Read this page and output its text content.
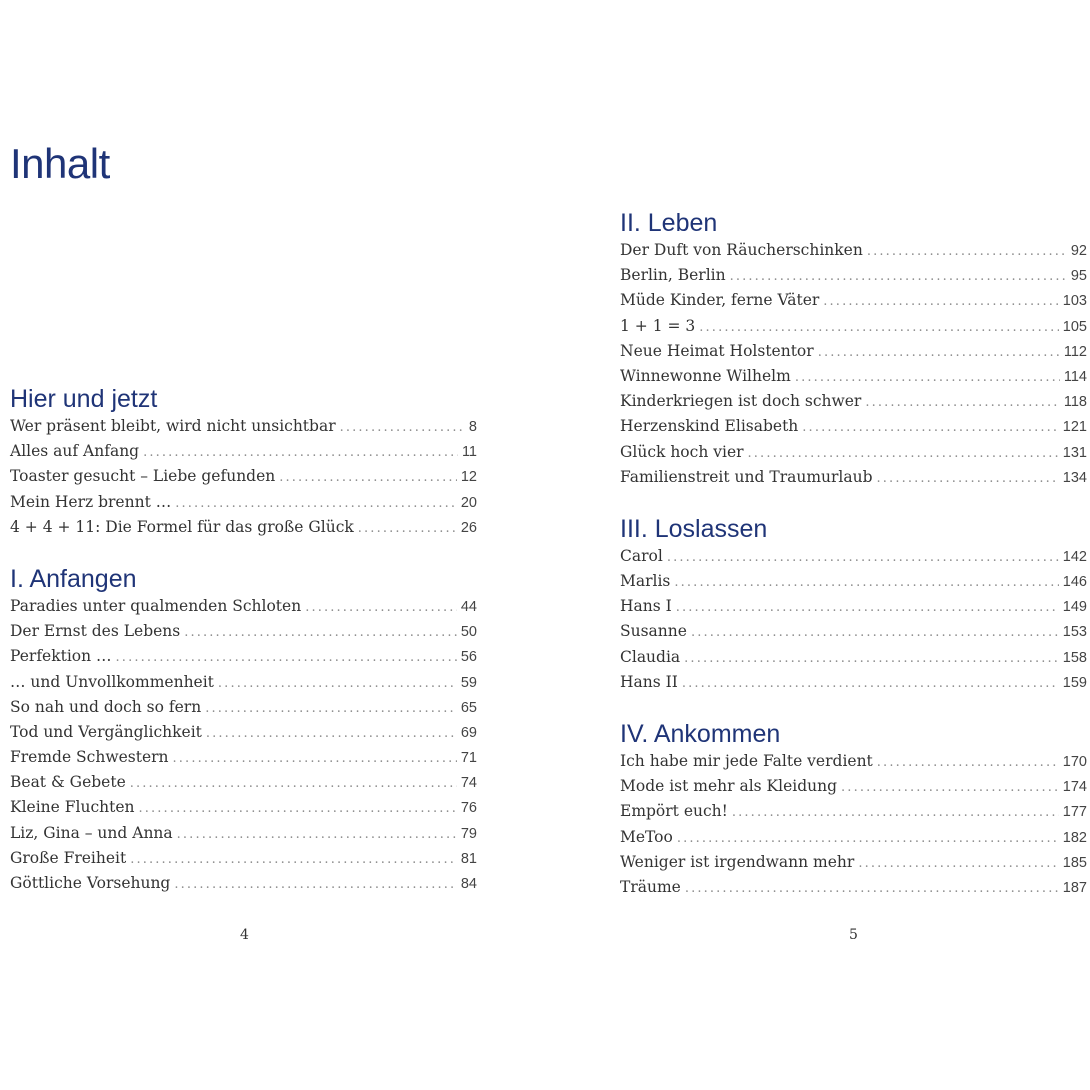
Inhalt
Hier und jetzt
Wer präsent bleibt, wird nicht unsichtbar . . .	8
Alles auf Anfang . . .	11
Toaster gesucht – Liebe gefunden . . .	12
Mein Herz brennt … . . .	20
4 + 4 + 11: Die Formel für das große Glück . . .	26
I. Anfangen
Paradies unter qualmenden Schloten . . .	44
Der Ernst des Lebens . . .	50
Perfektion … . . .	56
… und Unvollkommenheit . . .	59
So nah und doch so fern . . .	65
Tod und Vergänglichkeit . . .	69
Fremde Schwestern . . .	71
Beat & Gebete . . .	74
Kleine Fluchten . . .	76
Liz, Gina – und Anna . . .	79
Große Freiheit . . .	81
Göttliche Vorsehung . . .	84
II. Leben
Der Duft von Räucherschinken . . .	92
Berlin, Berlin . . .	95
Müde Kinder, ferne Väter . . .	103
1 + 1 = 3 . . .	105
Neue Heimat Holstentor . . .	112
Winnewonne Wilhelm . . .	114
Kinderkriegen ist doch schwer . . .	118
Herzenskind Elisabeth . . .	121
Glück hoch vier . . .	131
Familienstreit und Traumurlaub . . .	134
III. Loslassen
Carol . . .	142
Marlis . . .	146
Hans I . . .	149
Susanne . . .	153
Claudia . . .	158
Hans II . . .	159
IV. Ankommen
Ich habe mir jede Falte verdient . . .	170
Mode ist mehr als Kleidung . . .	174
Empört euch! . . .	177
MeToo . . .	182
Weniger ist irgendwann mehr . . .	185
Träume . . .	187
4	5
